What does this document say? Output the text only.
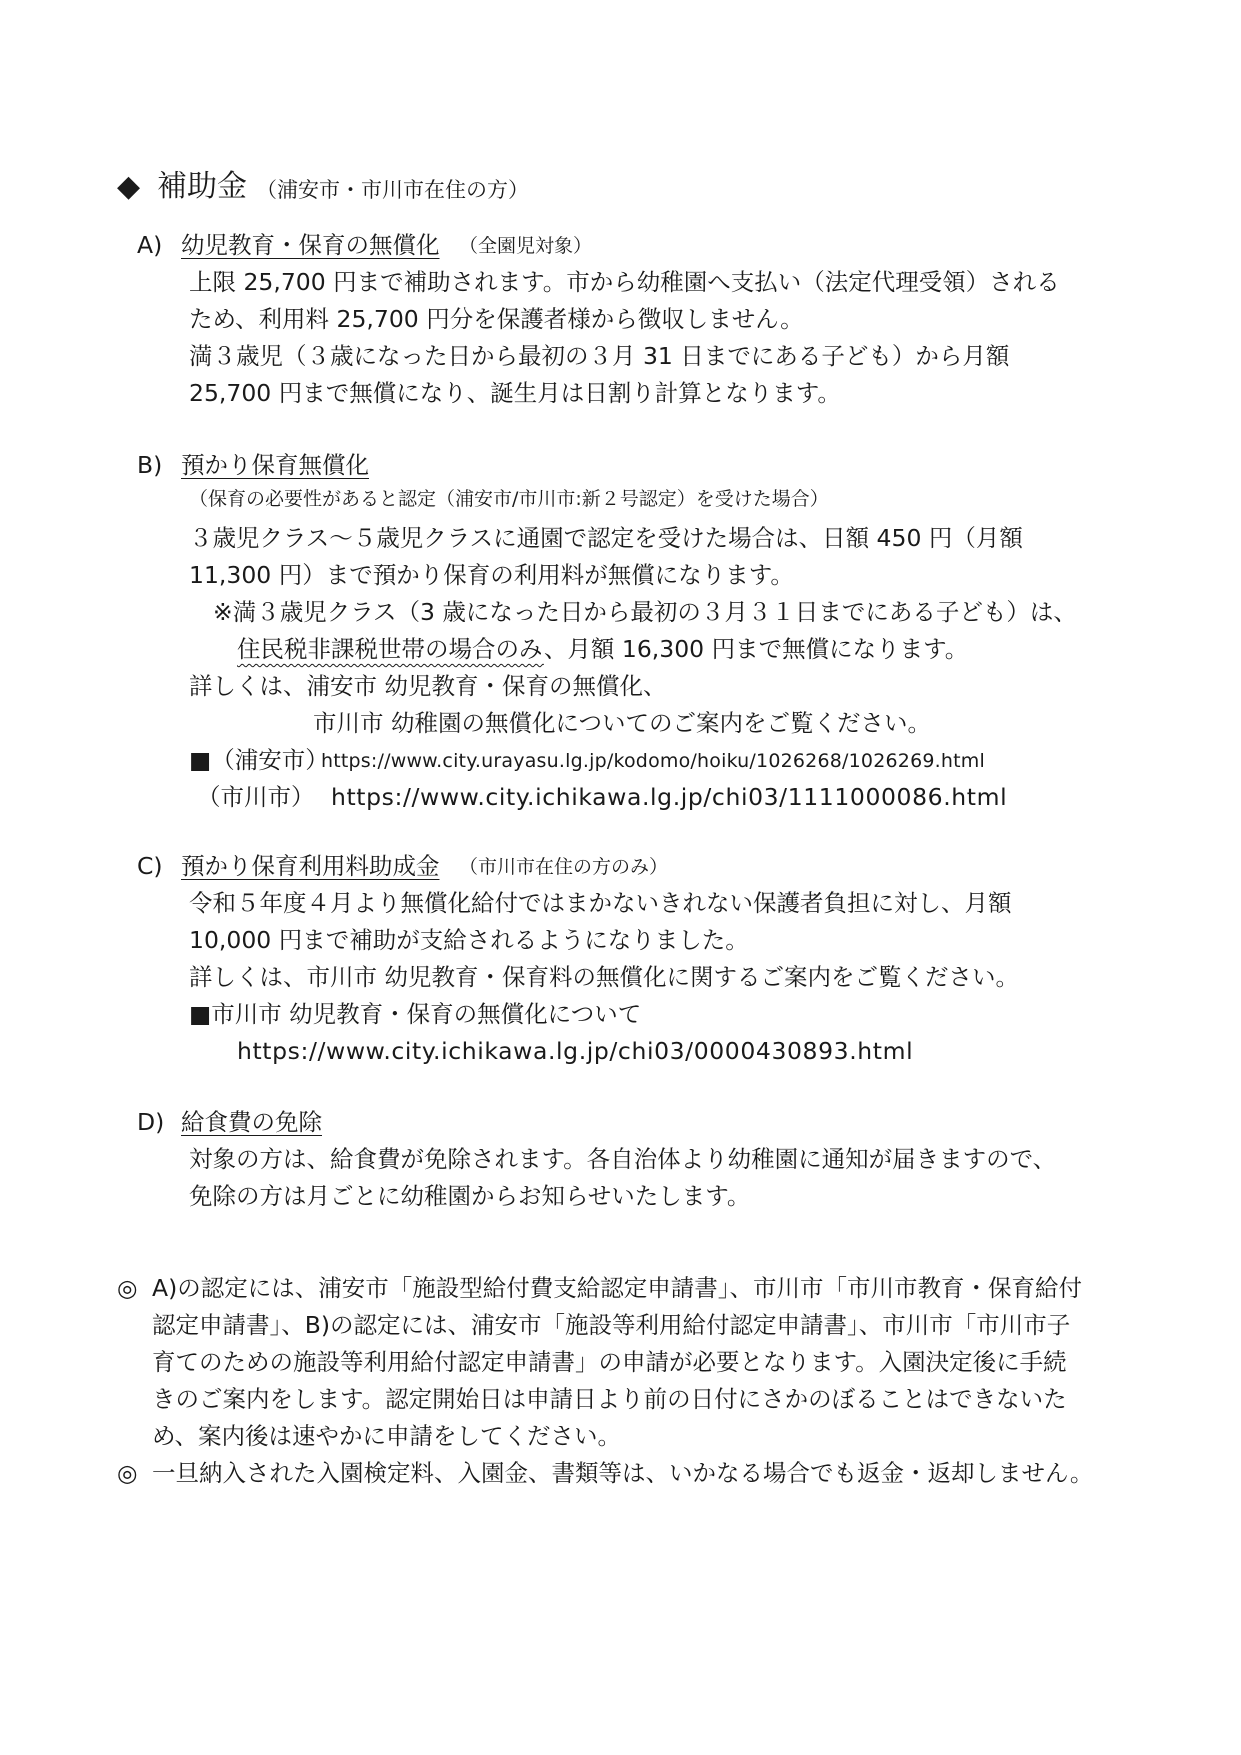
◆ 補助金 （浦安市・市川市在住の方）
A) 幼児教育・保育の無償化 （全園児対象）
上限 25,700 円まで補助されます。市から幼稚園へ支払い（法定代理受領）される
ため、利用料 25,700 円分を保護者様から徴収しません。
満３歳児（３歳になった日から最初の３月 31 日までにある子ども）から月額
25,700 円まで無償になり、誕生月は日割り計算となります。
B) 預かり保育無償化
（保育の必要性があると認定（浦安市/市川市:新２号認定）を受けた場合）
３歳児クラス～５歳児クラスに通園で認定を受けた場合は、日額 450 円（月額
11,300 円）まで預かり保育の利用料が無償になります。
※満３歳児クラス（3 歳になった日から最初の３月３１日までにある子ども）は、
住民税非課税世帯の場合のみ、月額 16,300 円まで無償になります。
詳しくは、浦安市 幼児教育・保育の無償化、
市川市 幼稚園の無償化についてのご案内をご覧ください。
■（浦安市）
https://www.city.urayasu.lg.jp/kodomo/hoiku/1026268/1026269.html
（市川市） https://www.city.ichikawa.lg.jp/chi03/1111000086.html
C) 預かり保育利用料助成金 （市川市在住の方のみ）
令和５年度４月より無償化給付ではまかないきれない保護者負担に対し、月額
10,000 円まで補助が支給されるようになりました。
詳しくは、市川市 幼児教育・保育料の無償化に関するご案内をご覧ください。
■市川市 幼児教育・保育の無償化について
https://www.city.ichikawa.lg.jp/chi03/0000430893.html
D) 給食費の免除
対象の方は、給食費が免除されます。各自治体より幼稚園に通知が届きますので、
免除の方は月ごとに幼稚園からお知らせいたします。
◎ A)の認定には、浦安市「施設型給付費支給認定申請書」、市川市「市川市教育・保育給付
認定申請書」、B)の認定には、浦安市「施設等利用給付認定申請書」、市川市「市川市子
育てのための施設等利用給付認定申請書」の申請が必要となります。入園決定後に手続
きのご案内をします。認定開始日は申請日より前の日付にさかのぼることはできないた
め、案内後は速やかに申請をしてください。
◎ 一旦納入された入園検定料、入園金、書類等は、いかなる場合でも返金・返却しません。
